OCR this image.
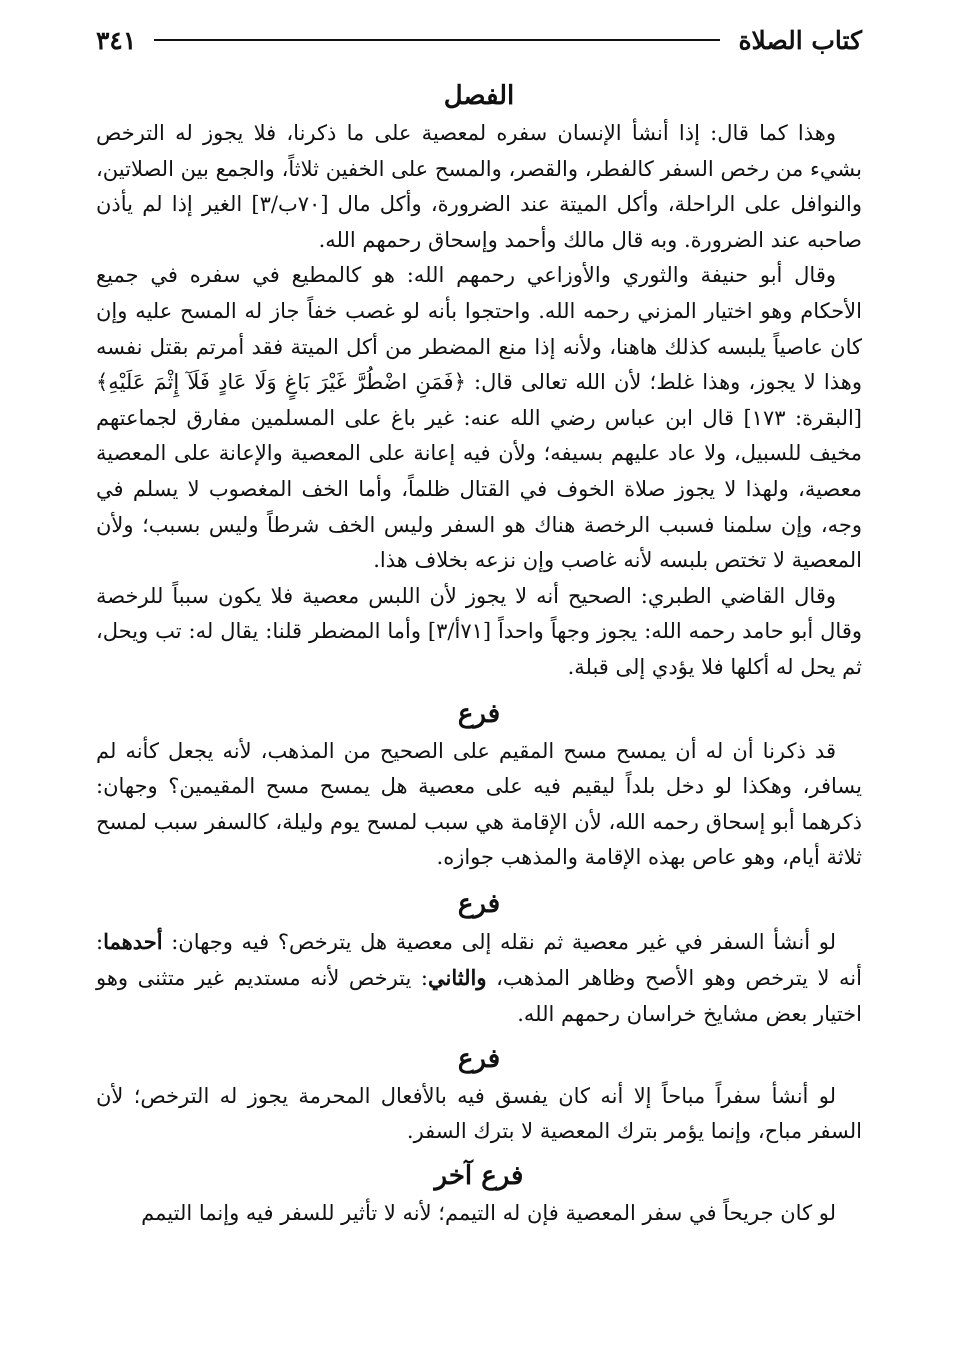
كتاب الصلاة
٣٤١
الفصل

وهذا كما قال: إذا أنشأ الإنسان سفره لمعصية على ما ذكرنا، فلا يجوز له الترخص بشيء من رخص السفر كالفطر، والقصر، والمسح على الخفين ثلاثاً، والجمع بين الصلاتين، والنوافل على الراحلة، وأكل الميتة عند الضرورة، وأكل مال [٧٠ب/٣] الغير إذا لم يأذن صاحبه عند الضرورة. وبه قال مالك وأحمد وإسحاق رحمهم الله.

وقال أبو حنيفة والثوري والأوزاعي رحمهم الله: هو كالمطيع في سفره في جميع الأحكام وهو اختيار المزني رحمه الله. واحتجوا بأنه لو غصب خفاً جاز له المسح عليه وإن كان عاصياً يلبسه كذلك هاهنا، ولأنه إذا منع المضطر من أكل الميتة فقد أمرتم بقتل نفسه وهذا لا يجوز، وهذا غلط؛ لأن الله تعالى قال: ﴿فَمَنِ اضْطُرَّ غَيْرَ بَاغٍ وَلَا عَادٍ فَلَآ إِثْمَ عَلَيْهِ﴾ [البقرة: ١٧٣] قال ابن عباس رضي الله عنه: غير باغ على المسلمين مفارق لجماعتهم مخيف للسبيل، ولا عاد عليهم بسيفه؛ ولأن فيه إعانة على المعصية والإعانة على المعصية معصية، ولهذا لا يجوز صلاة الخوف في القتال ظلماً، وأما الخف المغصوب لا يسلم في وجه، وإن سلمنا فسبب الرخصة هناك هو السفر وليس الخف شرطاً وليس بسبب؛ ولأن المعصية لا تختص بلبسه لأنه غاصب وإن نزعه بخلاف هذا.

وقال القاضي الطبري: الصحيح أنه لا يجوز لأن اللبس معصية فلا يكون سبباً للرخصة وقال أبو حامد رحمه الله: يجوز وجهاً واحداً [٧١أ/٣] وأما المضطر قلنا: يقال له: تب ويحل، ثم يحل له أكلها فلا يؤدي إلى قبلة.

فرع

قد ذكرنا أن له أن يمسح مسح المقيم على الصحيح من المذهب، لأنه يجعل كأنه لم يسافر، وهكذا لو دخل بلداً ليقيم فيه على معصية هل يمسح مسح المقيمين؟ وجهان: ذكرهما أبو إسحاق رحمه الله، لأن الإقامة هي سبب لمسح يوم وليلة، كالسفر سبب لمسح ثلاثة أيام، وهو عاص بهذه الإقامة والمذهب جوازه.

فرع

لو أنشأ السفر في غير معصية ثم نقله إلى معصية هل يترخص؟ فيه وجهان: أحدهما: أنه لا يترخص وهو الأصح وظاهر المذهب، والثاني: يترخص لأنه مستديم غير متثنى وهو اختيار بعض مشايخ خراسان رحمهم الله.

فرع

لو أنشأ سفراً مباحاً إلا أنه كان يفسق فيه بالأفعال المحرمة يجوز له الترخص؛ لأن السفر مباح، وإنما يؤمر بترك المعصية لا بترك السفر.

فرع آخر

لو كان جريحاً في سفر المعصية فإن له التيمم؛ لأنه لا تأثير للسفر فيه وإنما التيمم
